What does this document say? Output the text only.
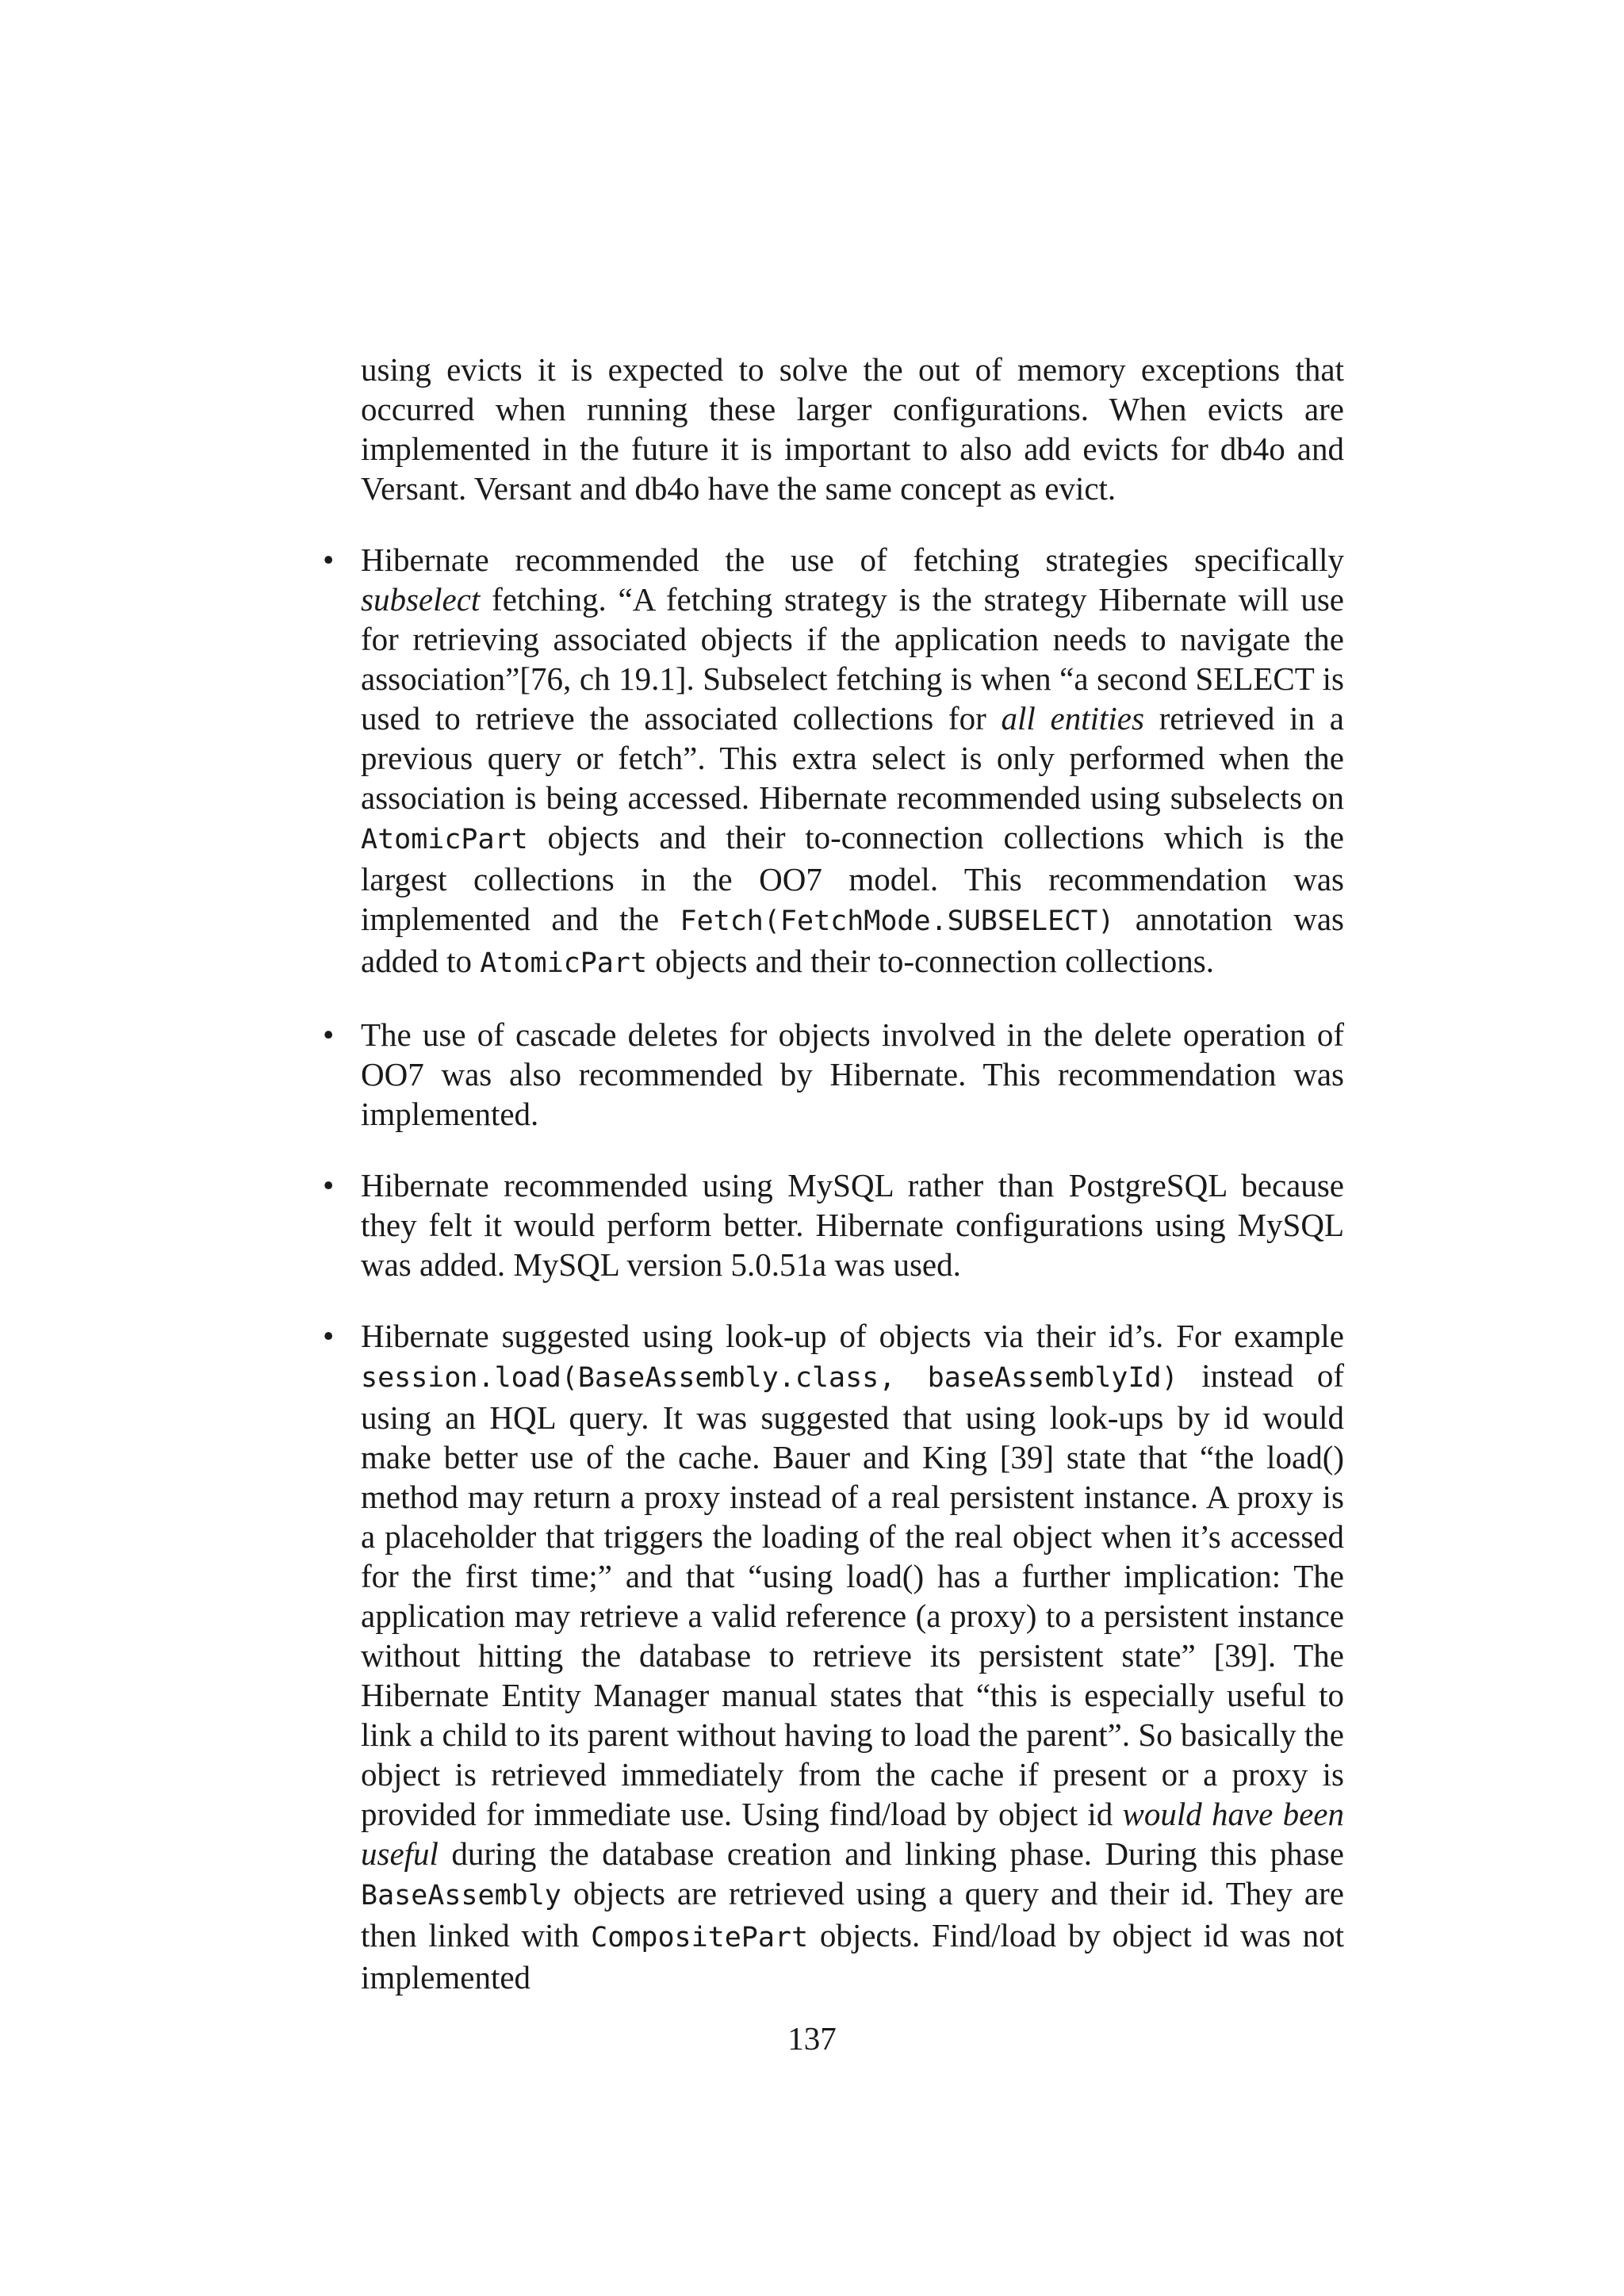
using evicts it is expected to solve the out of memory exceptions that occurred when running these larger configurations. When evicts are implemented in the future it is important to also add evicts for db4o and Versant. Versant and db4o have the same concept as evict.

• Hibernate recommended the use of fetching strategies specifically subselect fetching. “A fetching strategy is the strategy Hibernate will use for retrieving associated objects if the application needs to navigate the association”[76, ch 19.1]. Subselect fetching is when “a second SELECT is used to retrieve the associated collections for all entities retrieved in a previous query or fetch”. This extra select is only performed when the association is being accessed. Hibernate recommended using subselects on AtomicPart objects and their to-connection collections which is the largest collections in the OO7 model. This recommendation was implemented and the Fetch(FetchMode.SUBSELECT) annotation was added to AtomicPart objects and their to-connection collections.
• The use of cascade deletes for objects involved in the delete operation of OO7 was also recommended by Hibernate. This recommendation was implemented.
• Hibernate recommended using MySQL rather than PostgreSQL because they felt it would perform better. Hibernate configurations using MySQL was added. MySQL version 5.0.51a was used.
• Hibernate suggested using look-up of objects via their id’s. For example session.load(BaseAssembly.class, baseAssemblyId) instead of using an HQL query. It was suggested that using look-ups by id would make better use of the cache. Bauer and King [39] state that “the load() method may return a proxy instead of a real persistent instance. A proxy is a placeholder that triggers the loading of the real object when it’s accessed for the first time;” and that “using load() has a further implication: The application may retrieve a valid reference (a proxy) to a persistent instance without hitting the database to retrieve its persistent state” [39]. The Hibernate Entity Manager manual states that “this is especially useful to link a child to its parent without having to load the parent”. So basically the object is retrieved immediately from the cache if present or a proxy is provided for immediate use. Using find/load by object id would have been useful during the database creation and linking phase. During this phase BaseAssembly objects are retrieved using a query and their id. They are then linked with CompositePart objects. Find/load by object id was not implemented
137
